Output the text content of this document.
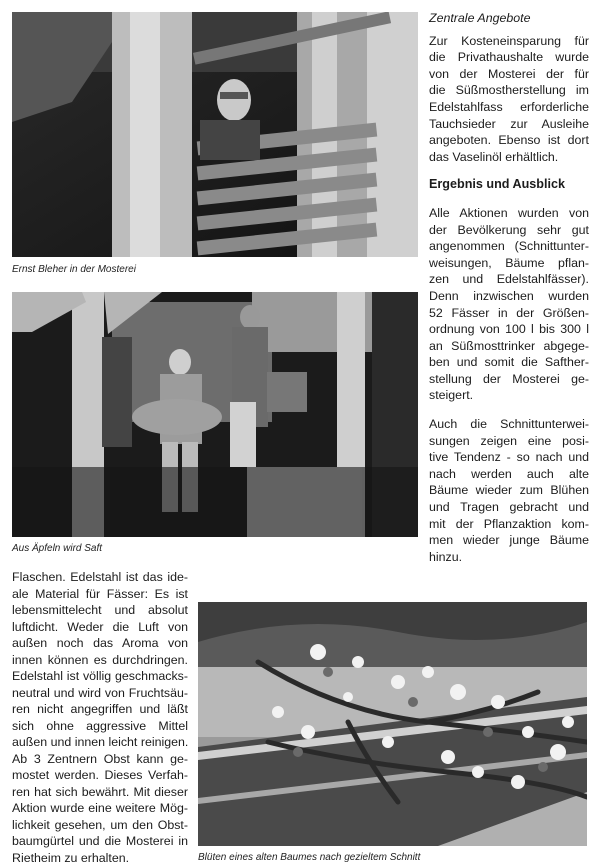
Ernst Bleher in der Mosterei
Aus Äpfeln wird Saft
Blüten eines alten Baumes nach gezieltem Schnitt
Zentrale Angebote
Zur Kosteneinsparung für
die Privathaushalte wurde
von der Mosterei der für
die Süßmostherstellung im
Edelstahlfass erforderliche
Tauchsieder zur Ausleihe
angeboten. Ebenso ist dort
das Vaselinöl erhältlich.
Ergebnis und Ausblick
Alle Aktionen wurden von
der Bevölkerung sehr gut
angenommen (Schnittunter-
weisungen, Bäume pflan-
zen und Edelstahlfässer).
Denn inzwischen wurden
52 Fässer in der Größen-
ordnung von 100 l bis 300 l
an Süßmosttrinker abgege-
ben und somit die Safther-
stellung der Mosterei ge-
steigert.
Auch die Schnittunterwei-
sungen zeigen eine posi-
tive Tendenz - so nach und
nach werden auch alte
Bäume wieder zum Blühen
und Tragen gebracht und
mit der Pflanzaktion kom-
men wieder junge Bäume
hinzu.
Flaschen. Edelstahl ist das ide-
ale Material für Fässer: Es ist
lebensmittelecht und absolut
luftdicht. Weder die Luft von
außen noch das Aroma von
innen können es durchdringen.
Edelstahl ist völlig geschmacks-
neutral und wird von Fruchtsäu-
ren nicht angegriffen und läßt
sich ohne aggressive Mittel
außen und innen leicht reinigen.
Ab 3 Zentnern Obst kann ge-
mostet werden. Dieses Verfah-
ren hat sich bewährt. Mit dieser
Aktion wurde eine weitere Mög-
lichkeit gesehen, um den Obst-
baumgürtel und die Mosterei in
Rietheim zu erhalten.
